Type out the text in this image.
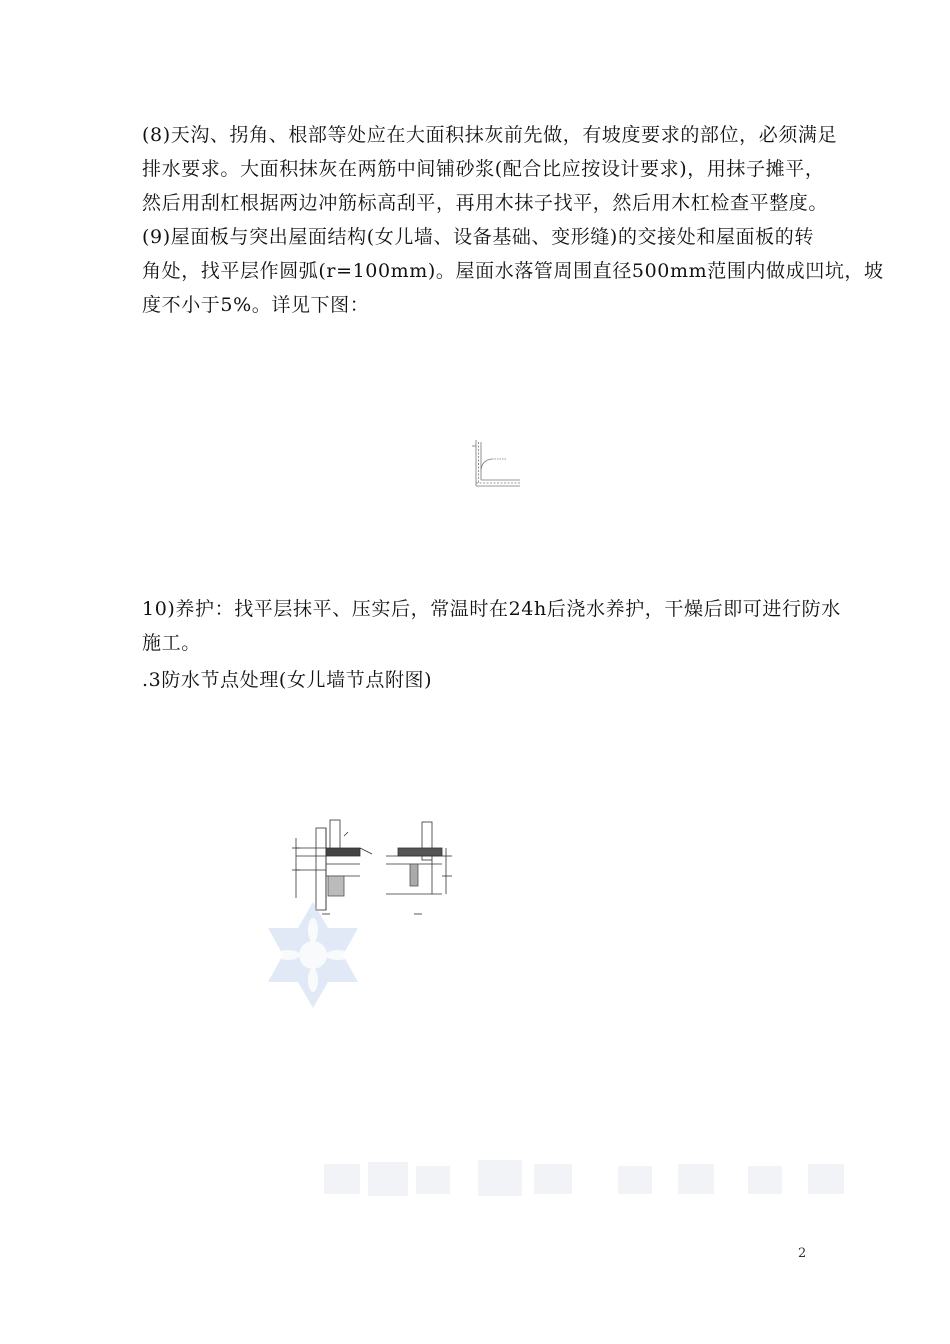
(8)天沟、拐角、根部等处应在大面积抹灰前先做，有坡度要求的部位，必须满足
排水要求。大面积抹灰在两筋中间铺砂浆(配合比应按设计要求)，用抹子摊平，
然后用刮杠根据两边冲筋标高刮平，再用木抹子找平，然后用木杠检查平整度。
(9)屋面板与突出屋面结构(女儿墙、设备基础、变形缝)的交接处和屋面板的转
角处，找平层作圆弧(r=100mm)。屋面水落管周围直径500mm范围内做成凹坑，坡
度不小于5%。详见下图：
10)养护：找平层抹平、压实后，常温时在24h后浇水养护，干燥后即可进行防水
施工。
.3防水节点处理(女儿墙节点附图)
2
